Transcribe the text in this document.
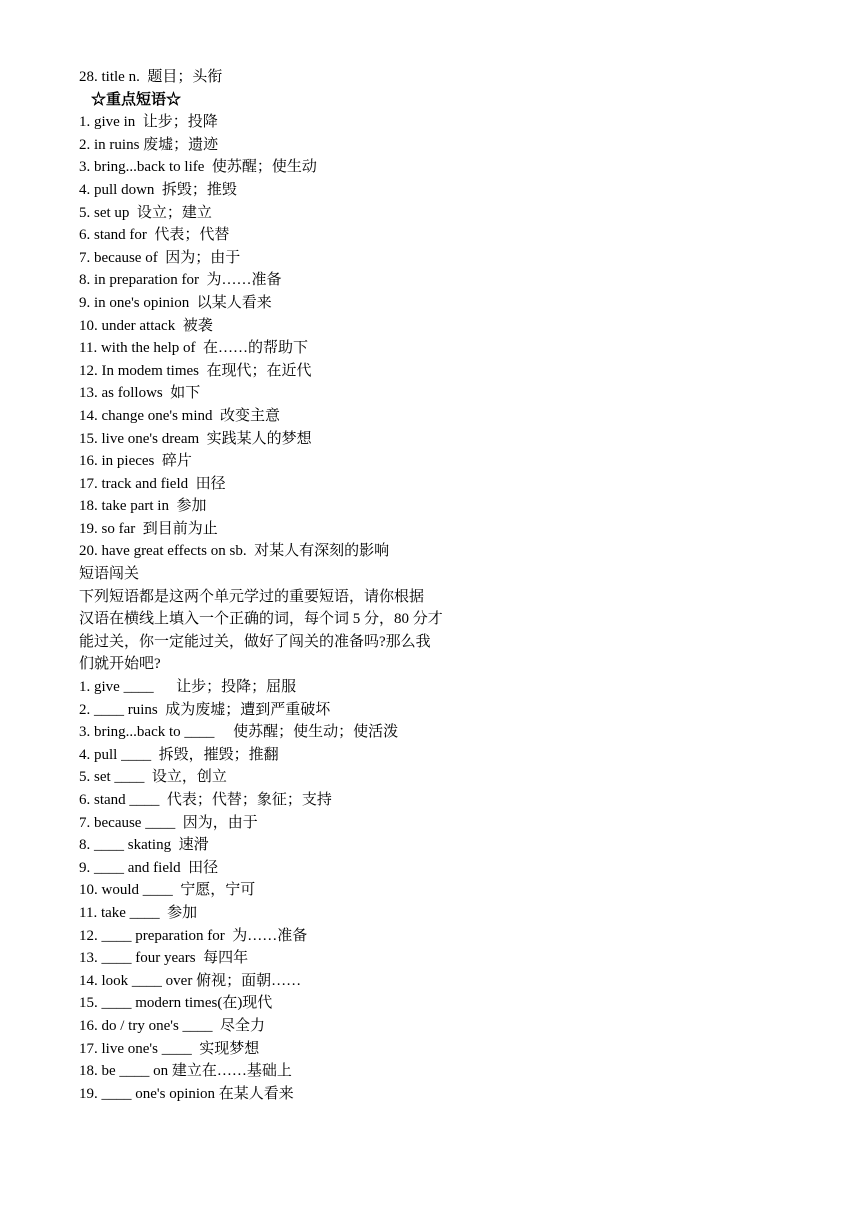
28. title n.  题目；头衔
☆重点短语☆
1. give in  让步；投降
2. in ruins 废墟；遗迹
3. bring...back to life  使苏醒；使生动
4. pull down  拆毁；推毁
5. set up  设立；建立
6. stand for  代表；代替
7. because of  因为；由于
8. in preparation for  为……准备
9. in one's opinion  以某人看来
10. under attack  被袭
11. with the help of  在……的帮助下
12. In modem times  在现代；在近代
13. as follows  如下
14. change one's mind  改变主意
15. live one's dream  实践某人的梦想
16. in pieces  碎片
17. track and field  田径
18. take part in  参加
19. so far  到目前为止
20. have great effects on sb.  对某人有深刻的影响
短语闯关
下列短语都是这两个单元学过的重要短语，请你根据
汉语在横线上填入一个正确的词，每个词 5 分，80 分才
能过关，你一定能过关，做好了闯关的准备吗?那么我
们就开始吧?
1. give ____      让步；投降；屈服
2. ____ ruins  成为废墟；遭到严重破坏
3. bring...back to ____     使苏醒；使生动；使活泼
4. pull ____  拆毁，摧毁；推翻
5. set ____  设立，创立
6. stand ____  代表；代替；象征；支持
7. because ____  因为，由于
8. ____ skating  速滑
9. ____ and field  田径
10. would ____  宁愿，宁可
11. take ____  参加
12. ____ preparation for  为……准备
13. ____ four years  每四年
14. look ____ over 俯视；面朝……
15. ____ modern times(在)现代
16. do / try one's ____  尽全力
17. live one's ____  实现梦想
18. be ____ on 建立在……基础上
19. ____ one's opinion 在某人看来
